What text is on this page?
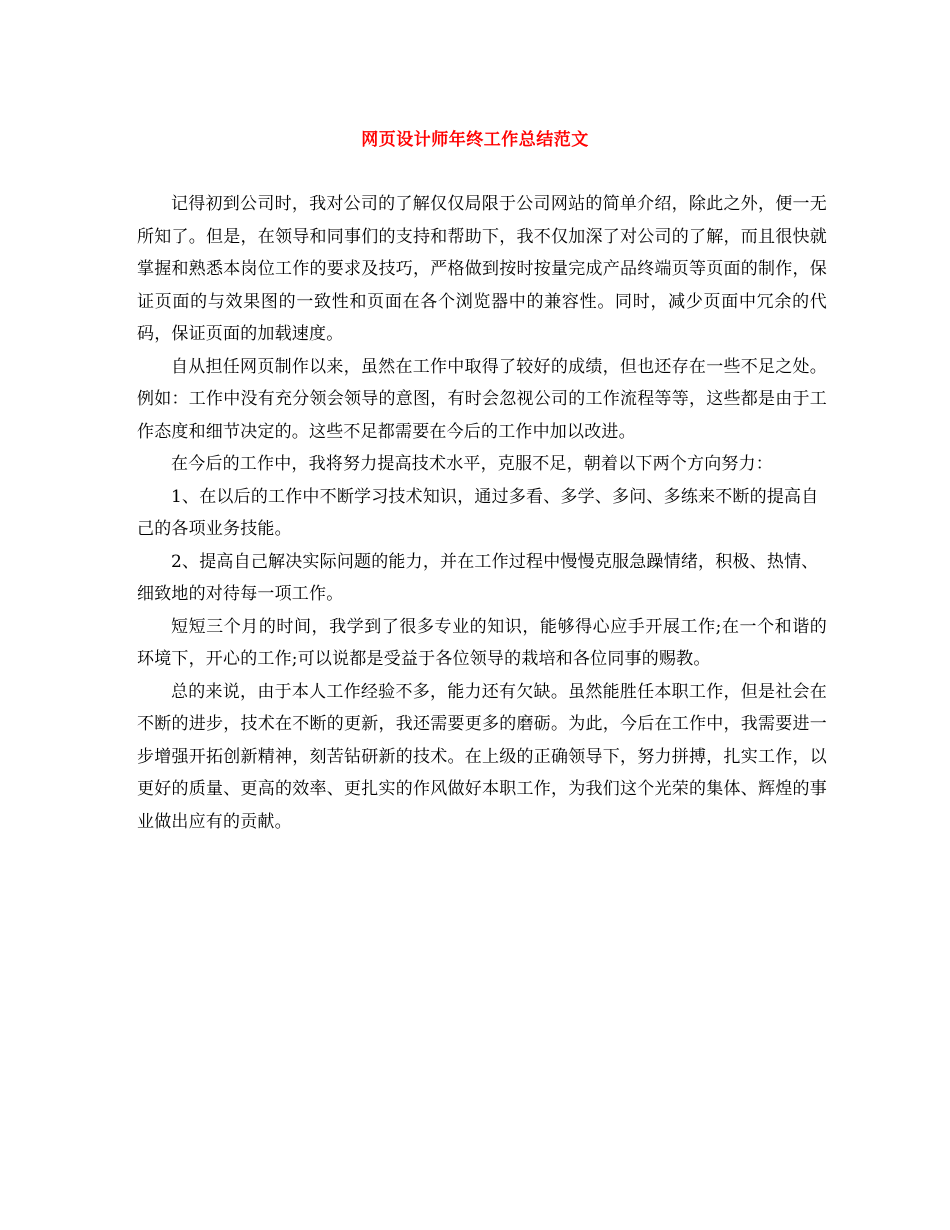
网页设计师年终工作总结范文

记得初到公司时，我对公司的了解仅仅局限于公司网站的简单介绍，除此之外，便一无所知了。但是，在领导和同事们的支持和帮助下，我不仅加深了对公司的了解，而且很快就掌握和熟悉本岗位工作的要求及技巧，严格做到按时按量完成产品终端页等页面的制作，保证页面的与效果图的一致性和页面在各个浏览器中的兼容性。同时，减少页面中冗余的代码，保证页面的加载速度。

自从担任网页制作以来，虽然在工作中取得了较好的成绩，但也还存在一些不足之处。例如：工作中没有充分领会领导的意图，有时会忽视公司的工作流程等等，这些都是由于工作态度和细节决定的。这些不足都需要在今后的工作中加以改进。

在今后的工作中，我将努力提高技术水平，克服不足，朝着以下两个方向努力：

1、在以后的工作中不断学习技术知识，通过多看、多学、多问、多练来不断的提高自己的各项业务技能。

2、提高自己解决实际问题的能力，并在工作过程中慢慢克服急躁情绪，积极、热情、细致地的对待每一项工作。

短短三个月的时间，我学到了很多专业的知识，能够得心应手开展工作;在一个和谐的环境下，开心的工作;可以说都是受益于各位领导的栽培和各位同事的赐教。

总的来说，由于本人工作经验不多，能力还有欠缺。虽然能胜任本职工作，但是社会在不断的进步，技术在不断的更新，我还需要更多的磨砺。为此，今后在工作中，我需要进一步增强开拓创新精神，刻苦钻研新的技术。在上级的正确领导下，努力拼搏，扎实工作，以更好的质量、更高的效率、更扎实的作风做好本职工作，为我们这个光荣的集体、辉煌的事业做出应有的贡献。
